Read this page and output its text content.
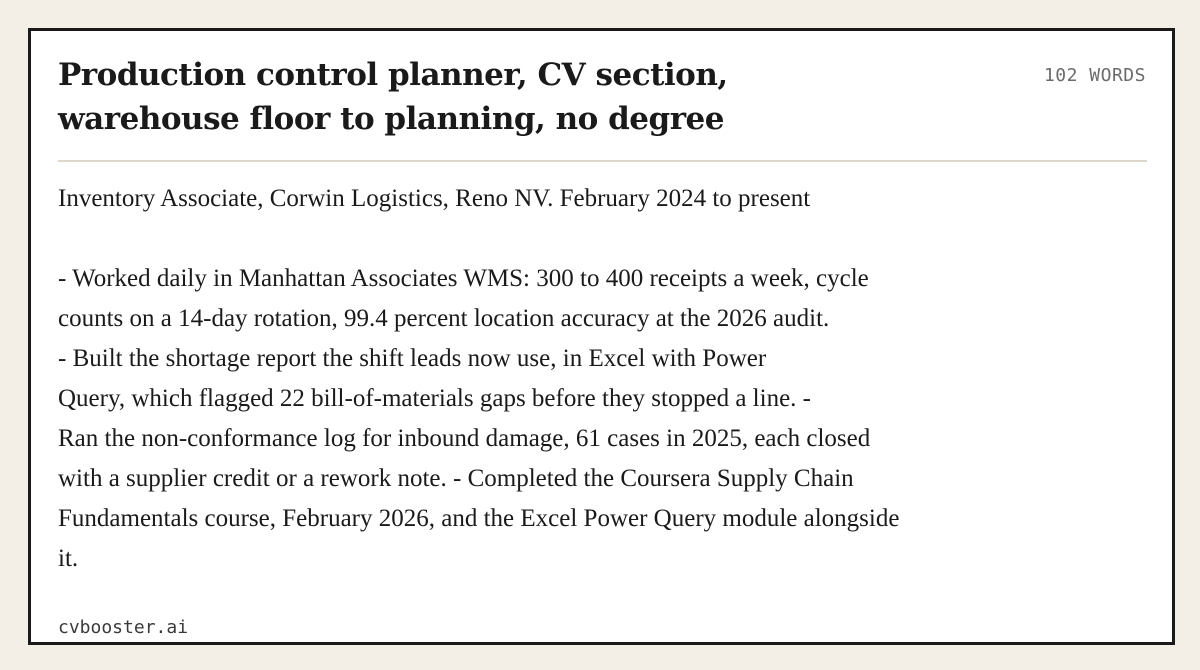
Production control planner, CV section,
warehouse floor to planning, no degree
102 WORDS

Inventory Associate, Corwin Logistics, Reno NV. February 2024 to present

- Worked daily in Manhattan Associates WMS: 300 to 400 receipts a week, cycle

counts on a 14-day rotation, 99.4 percent location accuracy at the 2026 audit.

- Built the shortage report the shift leads now use, in Excel with Power

Query, which flagged 22 bill-of-materials gaps before they stopped a line. -

Ran the non-conformance log for inbound damage, 61 cases in 2025, each closed

with a supplier credit or a rework note. - Completed the Coursera Supply Chain

Fundamentals course, February 2026, and the Excel Power Query module alongside

it.

cvbooster.ai
